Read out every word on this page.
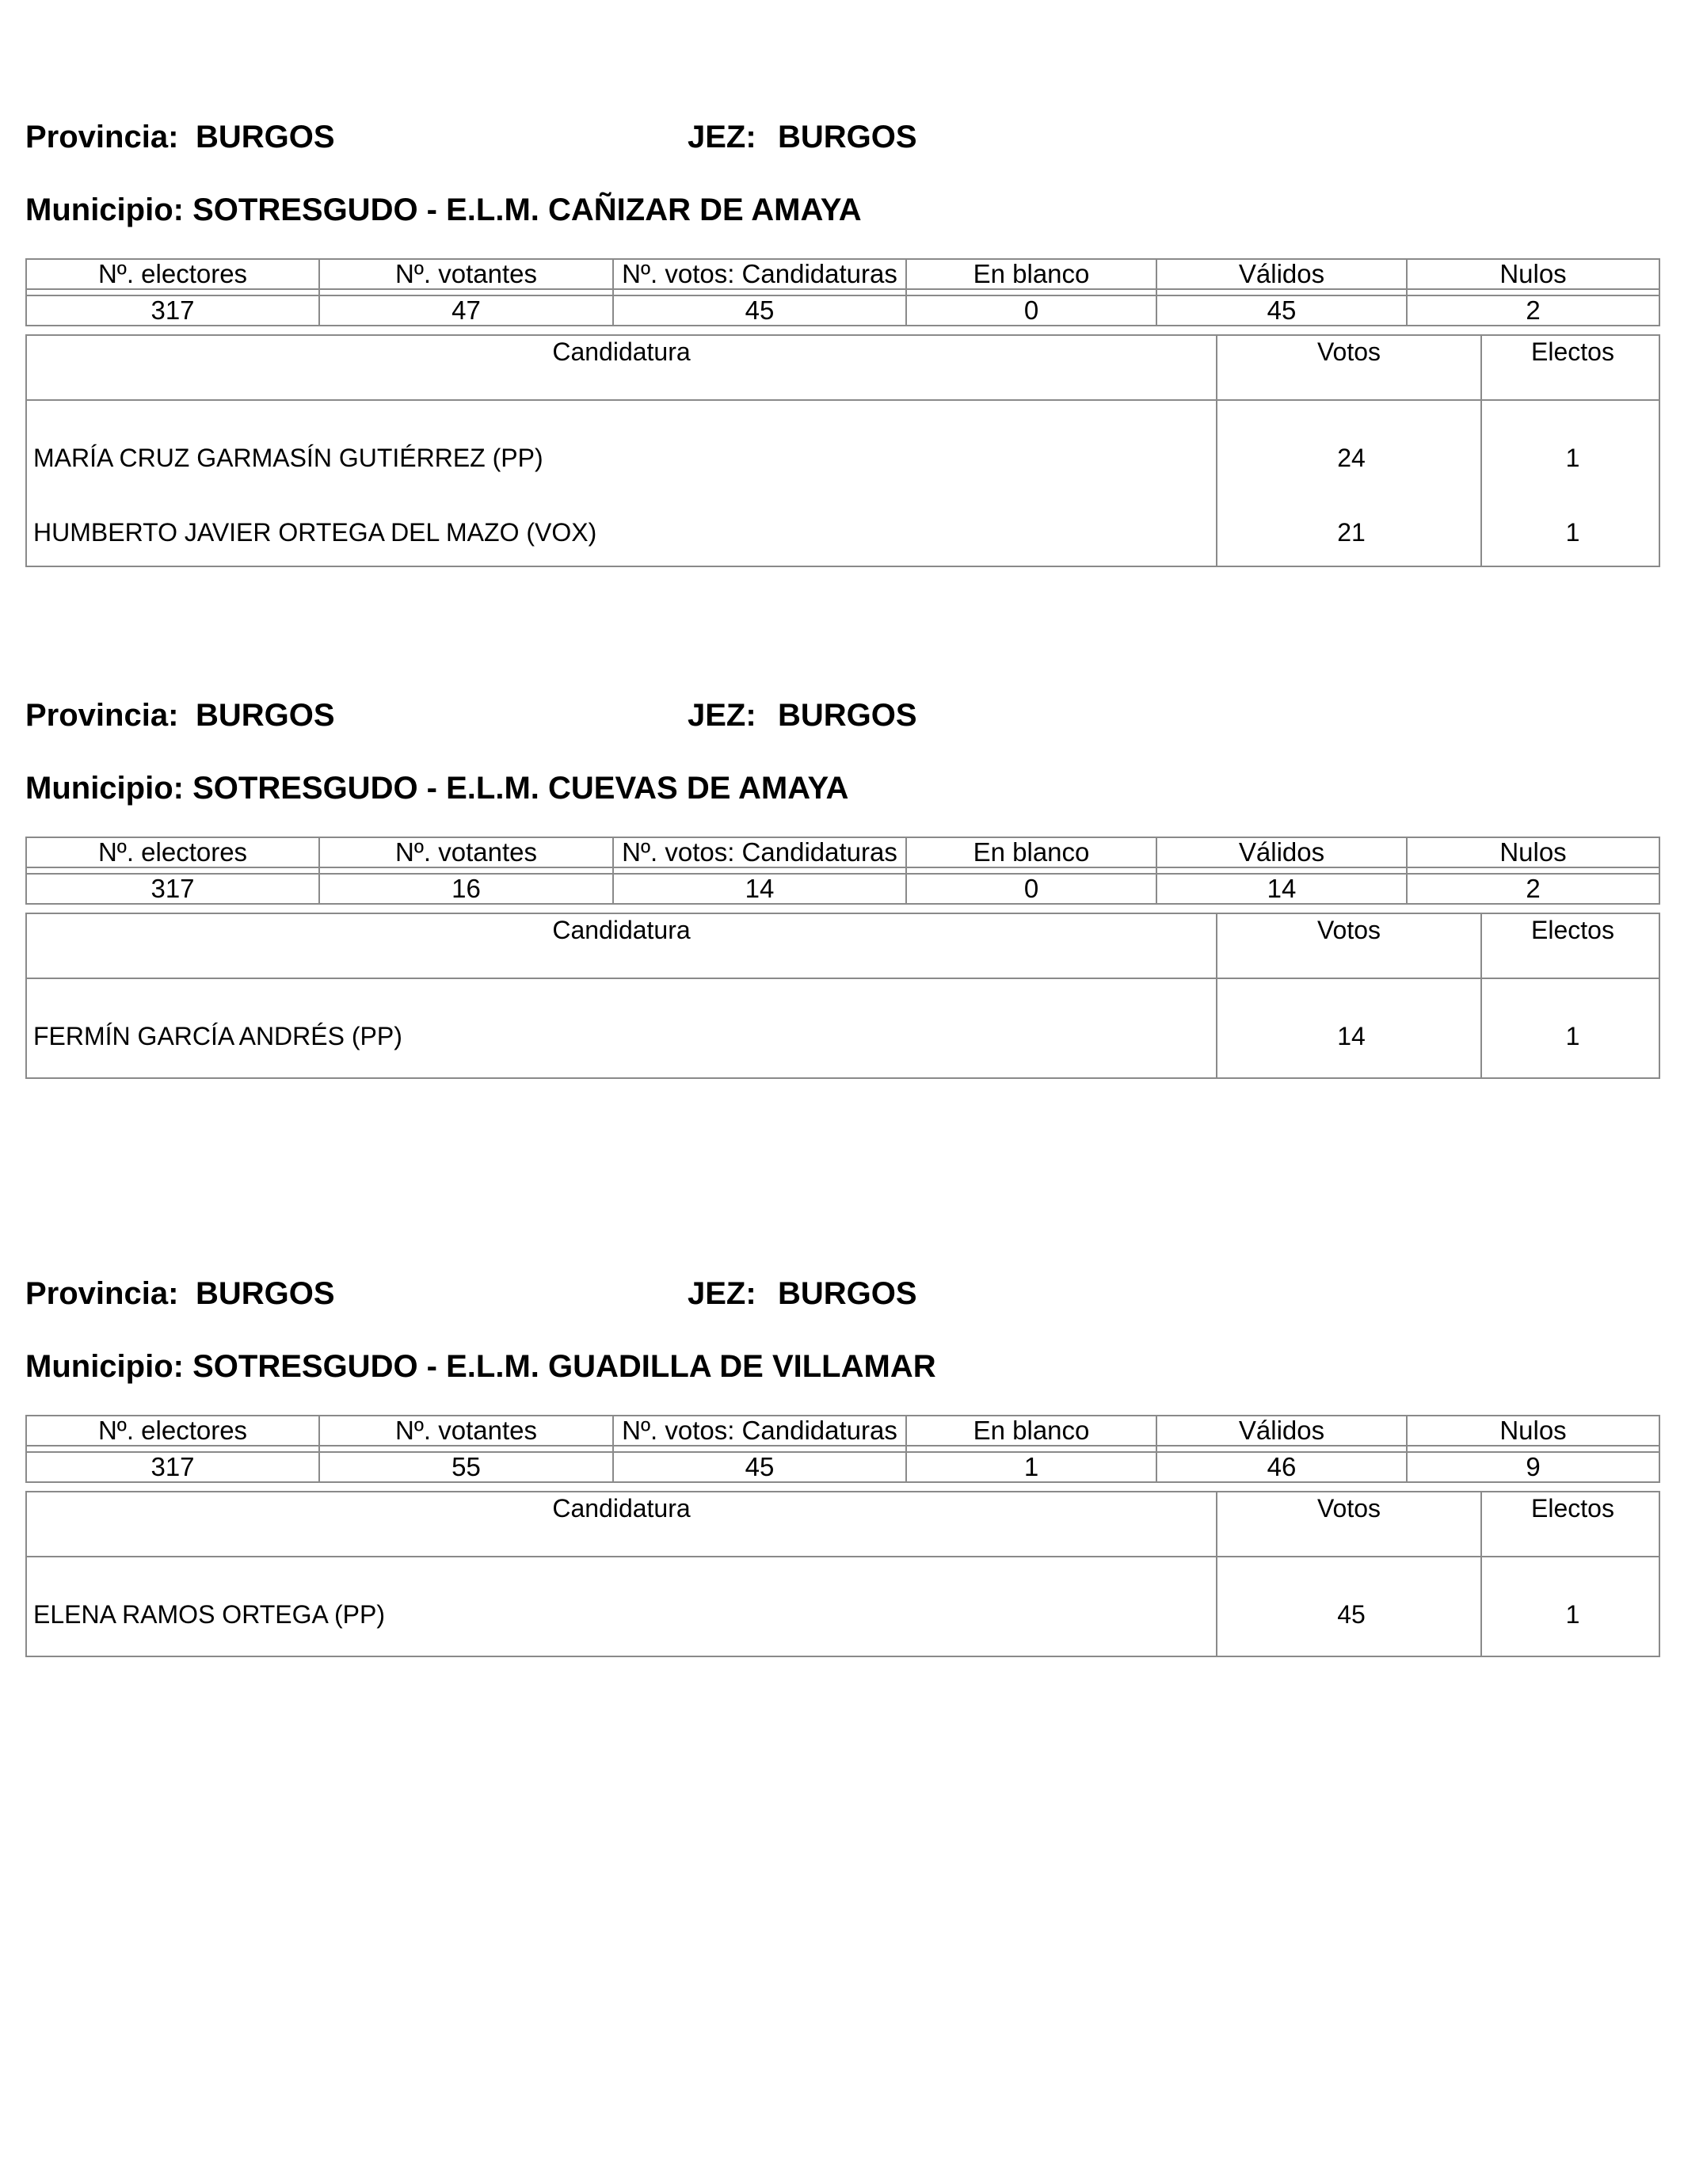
Provincia: BURGOS	JEZ: BURGOS
Municipio: SOTRESGUDO - E.L.M. CAÑIZAR DE AMAYA
Nº. electores	Nº. votantes	Nº. votos: Candidaturas	En blanco	Válidos	Nulos

317	47	45	0	45	2
Candidatura	Votos	Electos
MARÍA CRUZ GARMASÍN GUTIÉRREZ (PP)	24	1
HUMBERTO JAVIER ORTEGA DEL MAZO (VOX)	21	1
Provincia: BURGOS	JEZ: BURGOS
Municipio: SOTRESGUDO - E.L.M. CUEVAS DE AMAYA
Nº. electores	Nº. votantes	Nº. votos: Candidaturas	En blanco	Válidos	Nulos

317	16	14	0	14	2
Candidatura	Votos	Electos
FERMÍN GARCÍA ANDRÉS (PP)	14	1
Provincia: BURGOS	JEZ: BURGOS
Municipio: SOTRESGUDO - E.L.M. GUADILLA DE VILLAMAR
Nº. electores	Nº. votantes	Nº. votos: Candidaturas	En blanco	Válidos	Nulos

317	55	45	1	46	9
Candidatura	Votos	Electos
ELENA RAMOS ORTEGA (PP)	45	1
